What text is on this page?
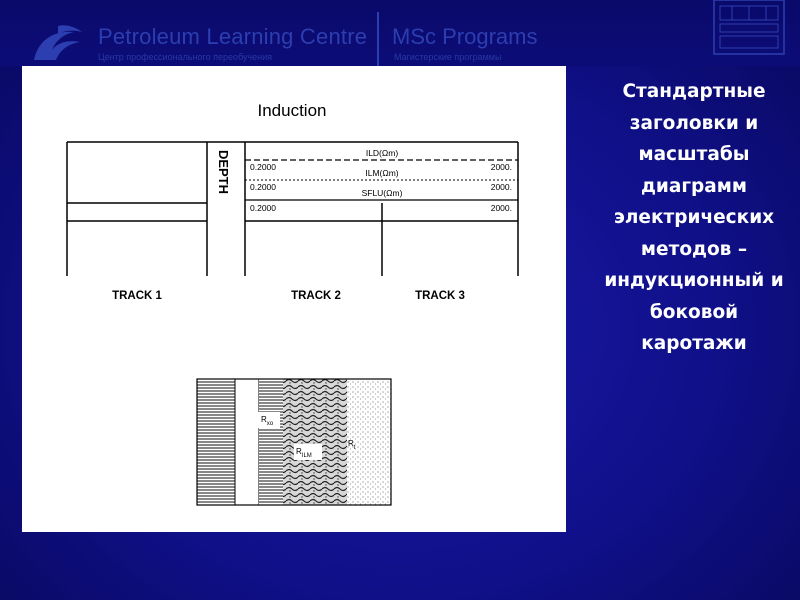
Petroleum Learning Centre
Центр профессионального переобучения
MSc Programs
Магистерские программы
Induction
DEPTH	ILD(Ωm)
0.2000	2000.
ILM(Ωm)
0.2000	2000.
SFLU(Ωm)
0.2000	2000.
TRACK 1	TRACK 2	TRACK 3
$R_{xo}$
$R_{ILM}$
$R_t$
Стандартные заголовки и масштабы диаграмм электрических методов – индукционный и боковой каротажи
